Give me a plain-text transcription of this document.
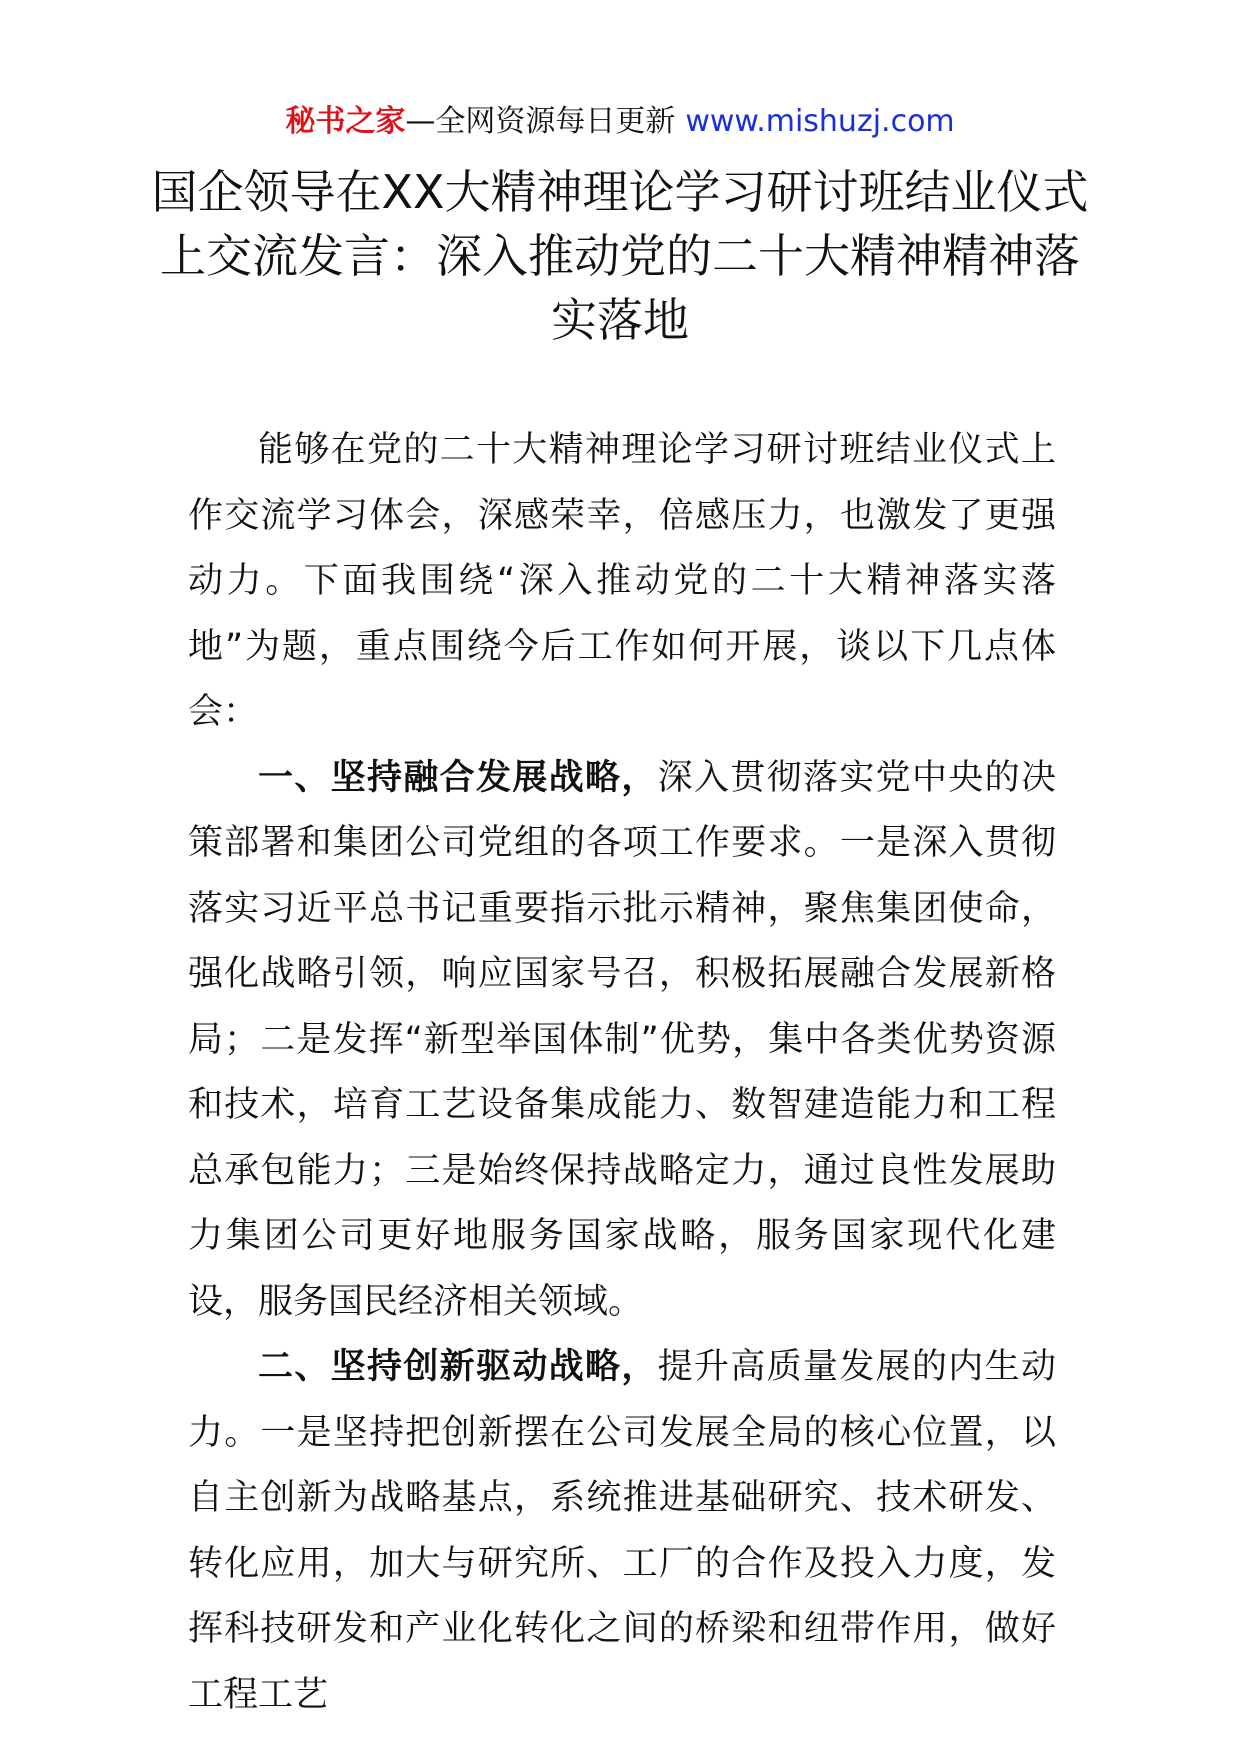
秘书之家—全网资源每日更新 www.mishuzj.com
国企领导在XX大精神理论学习研讨班结业仪式上交流发言：深入推动党的二十大精神精神落实落地

能够在党的二十大精神理论学习研讨班结业仪式上作交流学习体会，深感荣幸，倍感压力，也激发了更强动力。下面我围绕“深入推动党的二十大精神落实落地”为题，重点围绕今后工作如何开展，谈以下几点体会：

一、坚持融合发展战略，深入贯彻落实党中央的决策部署和集团公司党组的各项工作要求。一是深入贯彻落实习近平总书记重要指示批示精神，聚焦集团使命，强化战略引领，响应国家号召，积极拓展融合发展新格局；二是发挥“新型举国体制”优势，集中各类优势资源和技术，培育工艺设备集成能力、数智建造能力和工程总承包能力；三是始终保持战略定力，通过良性发展助力集团公司更好地服务国家战略，服务国家现代化建设，服务国民经济相关领域。

二、坚持创新驱动战略，提升高质量发展的内生动力。一是坚持把创新摆在公司发展全局的核心位置，以自主创新为战略基点，系统推进基础研究、技术研发、转化应用，加大与研究所、工厂的合作及投入力度，发挥科技研发和产业化转化之间的桥梁和纽带作用，做好工程工艺
